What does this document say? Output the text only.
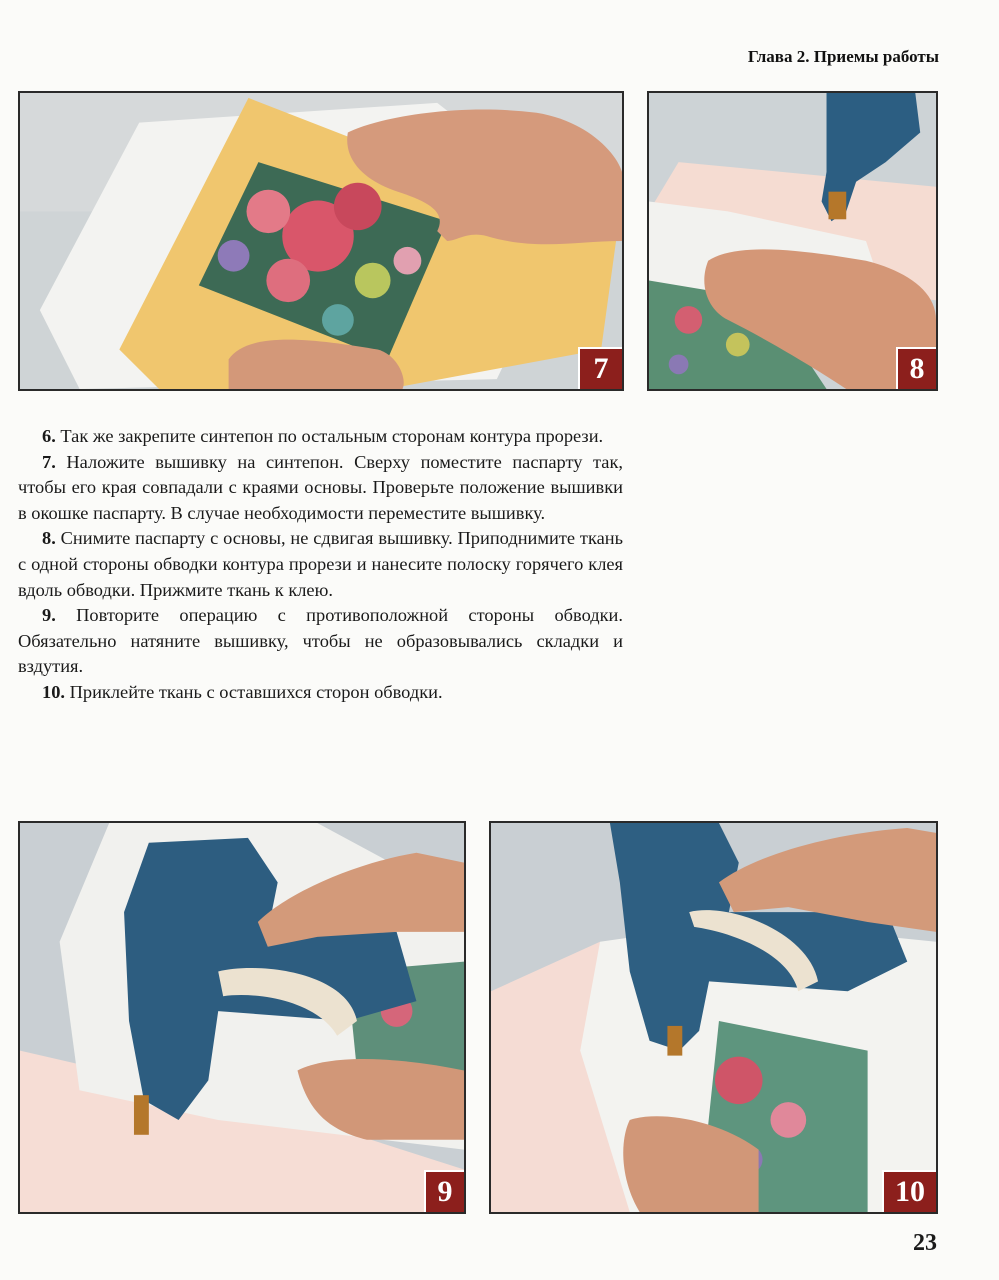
Глава 2. Приемы работы
7	8

6. Так же закрепите синтепон по остальным сторонам контура прорези.

7. Наложите вышивку на синтепон. Сверху поместите паспарту так, чтобы его края совпадали с краями основы. Проверьте положение вышивки в окошке паспарту. В случае необходимости переместите вышивку.

8. Снимите паспарту с основы, не сдвигая вышивку. Приподнимите ткань с одной стороны обводки контура прорези и нанесите полоску горячего клея вдоль обводки. Прижмите ткань к клею.

9. Повторите операцию с противоположной стороны обводки. Обязательно натяните вышивку, чтобы не образовывались складки и вздутия.

10. Приклейте ткань с оставшихся сторон обводки.

9	10
23
